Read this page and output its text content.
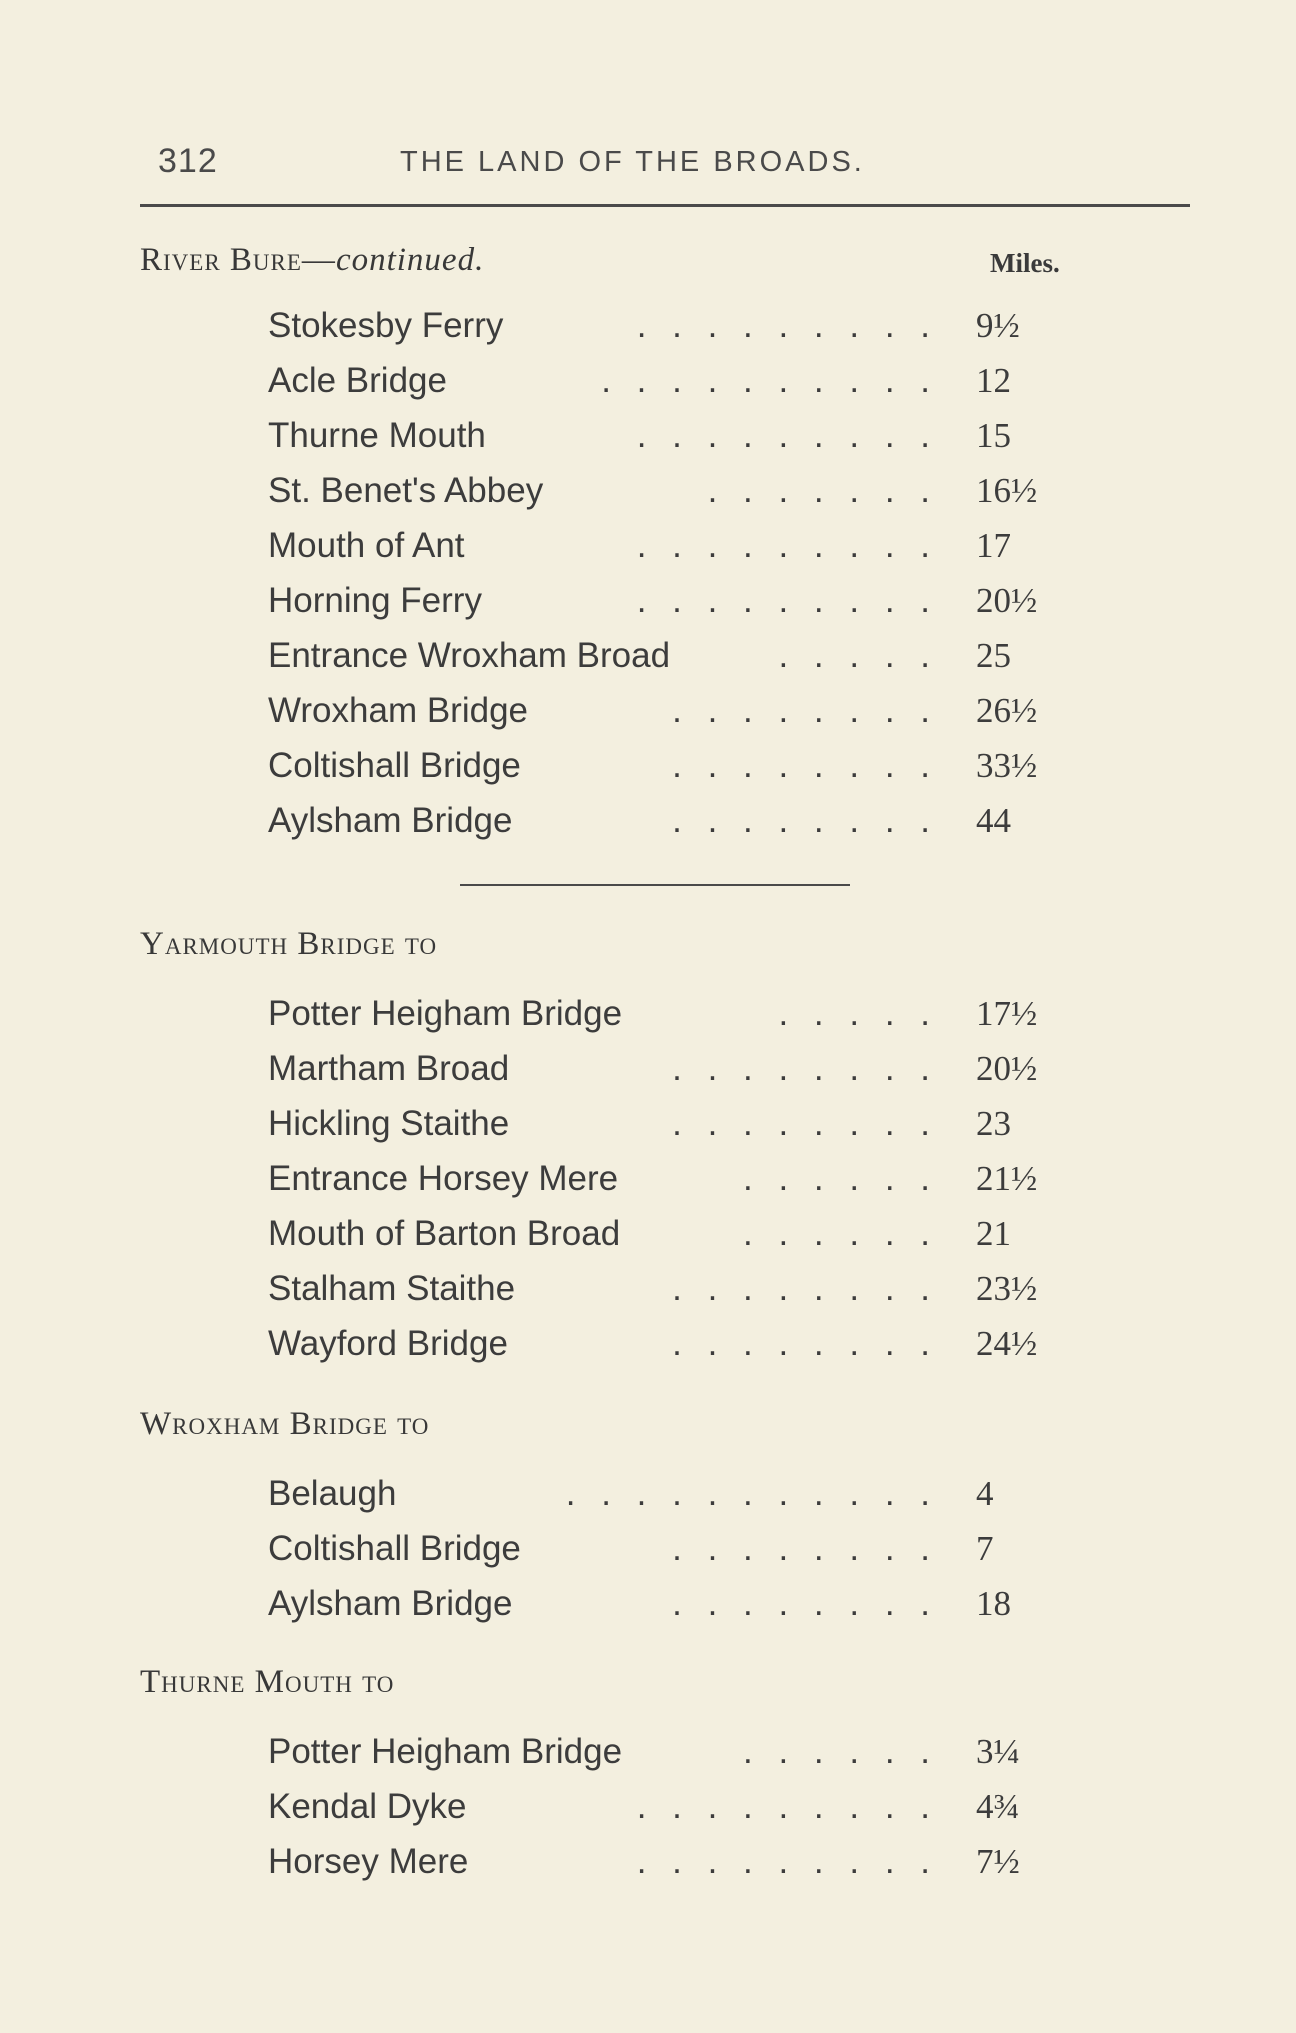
312	THE LAND OF THE BROADS.
River Bure—continued.	Miles.
Stokesby Ferry	. . . . . . . . . 9½
Acle Bridge	. . . . . . . . . . 12
Thurne Mouth	. . . . . . . . . 15
St. Benet's Abbey	. . . . . . . 16½
Mouth of Ant	. . . . . . . . . 17
Horning Ferry	. . . . . . . . . 20½
Entrance Wroxham Broad	. . . . . 25
Wroxham Bridge	. . . . . . . . 26½
Coltishall Bridge	. . . . . . . . 33½
Aylsham Bridge	. . . . . . . . 44
Yarmouth Bridge to
Potter Heigham Bridge	. . . . . 17½
Martham Broad	. . . . . . . . 20½
Hickling Staithe	. . . . . . . . 23
Entrance Horsey Mere	. . . . . . 21½
Mouth of Barton Broad	. . . . . . 21
Stalham Staithe	. . . . . . . . 23½
Wayford Bridge	. . . . . . . . 24½
Wroxham Bridge to
Belaugh	. . . . . . . . . . . 4
Coltishall Bridge	. . . . . . . . 7
Aylsham Bridge	. . . . . . . . 18
Thurne Mouth to
Potter Heigham Bridge	. . . . . . 3¼
Kendal Dyke	. . . . . . . . . 4¾
Horsey Mere	. . . . . . . . . 7½
